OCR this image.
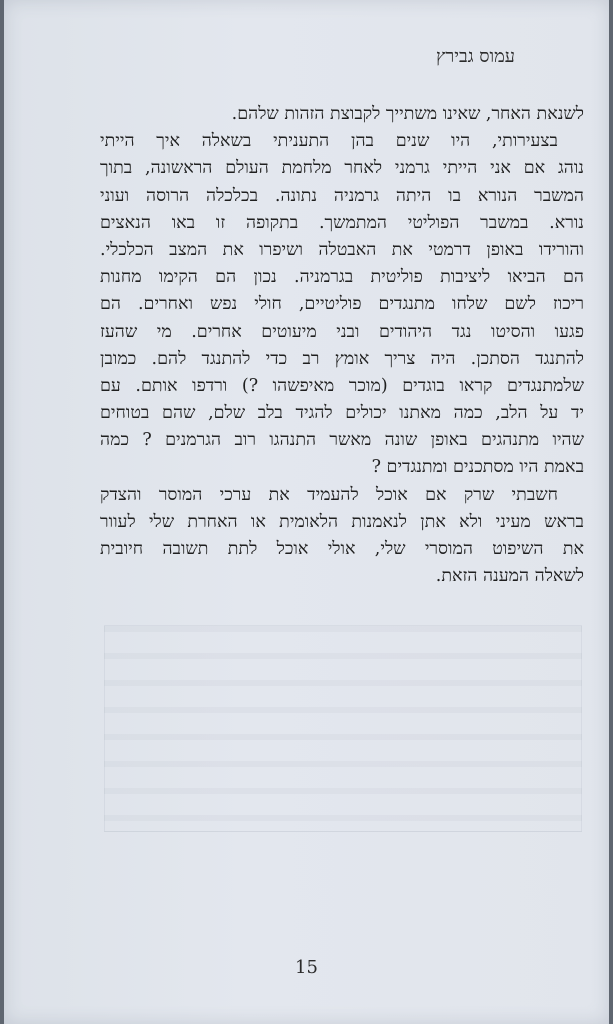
עמוס גבירץ
לשנאת האחר, שאינו משתייך לקבוצת הזהות שלהם.
בצעירותי, היו שנים בהן התעניתי בשאלה איך הייתי
נוהג אם אני הייתי גרמני לאחר מלחמת העולם הראשונה, בתוך
המשבר הנורא בו היתה גרמניה נתונה. בכלכלה הרוסה ועוני
נורא. במשבר הפוליטי המתמשך. בתקופה זו באו הנאצים
והורידו באופן דרמטי את האבטלה ושיפרו את המצב הכלכלי.
הם הביאו ליציבות פוליטית בגרמניה. נכון הם הקימו מחנות
ריכוז לשם שלחו מתנגדים פוליטיים, חולי נפש ואחרים. הם
פגעו והסיטו נגד היהודים ובני מיעוטים אחרים. מי שהעז
להתנגד הסתכן. היה צריך אומץ רב כדי להתנגד להם. כמובן
שלמתנגדים קראו בוגדים (מוכר מאיפשהו ?) ורדפו אותם. עם
יד על הלב, כמה מאתנו יכולים להגיד בלב שלם, שהם בטוחים
שהיו מתנהגים באופן שונה מאשר התנהגו רוב הגרמנים ? כמה
באמת היו מסתכנים ומתנגדים ?
חשבתי שרק אם אוכל להעמיד את ערכי המוסר והצדק
בראש מעיני ולא אתן לנאמנות הלאומית או האחרת שלי לעוור
את השיפוט המוסרי שלי, אולי אוכל לתת תשובה חיובית
לשאלה המענה הזאת.
15
